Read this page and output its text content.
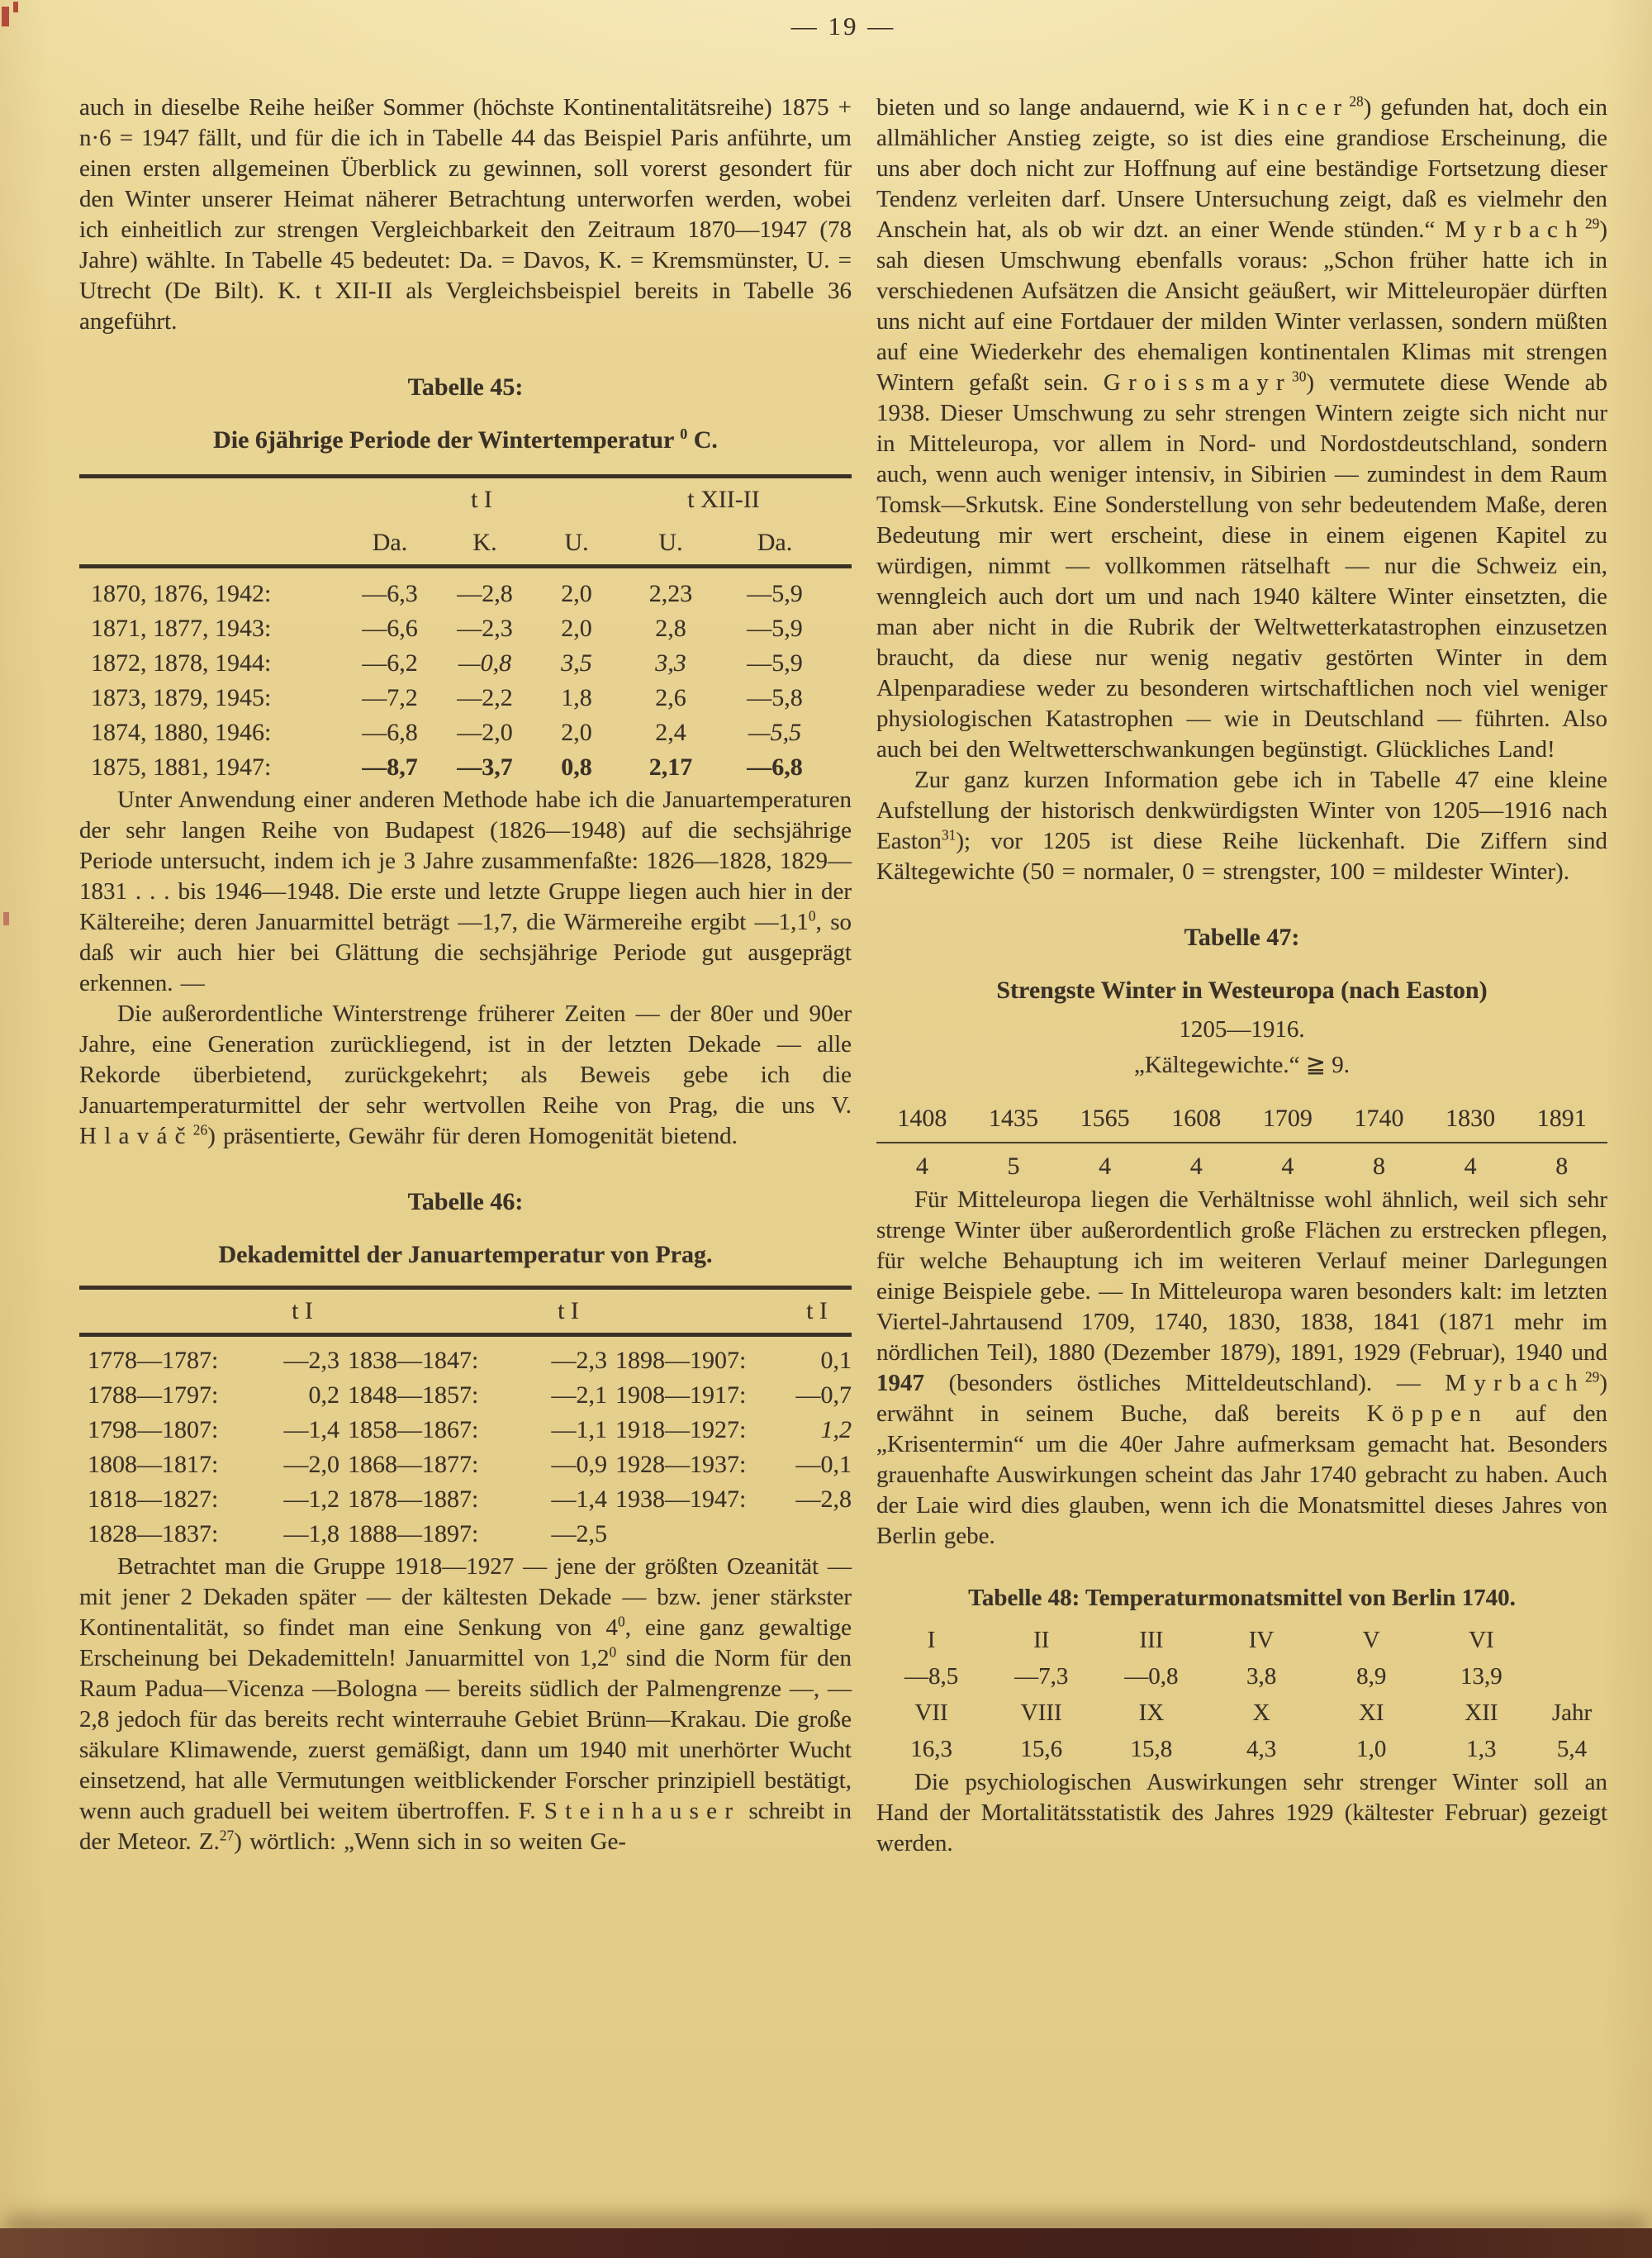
— 19 —

auch in dieselbe Reihe heißer Sommer (höchste Kontinentalitätsreihe) 1875 + n·6 = 1947 fällt, und für die ich in Tabelle 44 das Beispiel Paris anführte, um einen ersten allgemeinen Überblick zu gewinnen, soll vorerst gesondert für den Winter unserer Heimat näherer Betrachtung unterworfen werden, wobei ich einheitlich zur strengen Vergleichbarkeit den Zeitraum 1870—1947 (78 Jahre) wählte. In Tabelle 45 bedeutet: Da. = Davos, K. = Kremsmünster, U. = Utrecht (De Bilt). K. t XII-II als Vergleichsbeispiel bereits in Tabelle 36 angeführt.

Tabelle 45:
Die 6jährige Periode der Wintertemperatur $^0$ C.
t I	t XII-II
Da.	K.	U.	U.	Da.
1870, 1876, 1942:	—6,3	—2,8	2,0	2,23	—5,9
1871, 1877, 1943:	—6,6	—2,3	2,0	2,8	—5,9
1872, 1878, 1944:	—6,2	—0,8	3,5	3,3	—5,9
1873, 1879, 1945:	—7,2	—2,2	1,8	2,6	—5,8
1874, 1880, 1946:	—6,8	—2,0	2,0	2,4	—5,5
1875, 1881, 1947:	—8,7	—3,7	0,8	2,17	—6,8

Unter Anwendung einer anderen Methode habe ich die Januartemperaturen der sehr langen Reihe von Budapest (1826—1948) auf die sechsjährige Periode untersucht, indem ich je 3 Jahre zusammenfaßte: 1826—1828, 1829—1831 . . . bis 1946—1948. Die erste und letzte Gruppe liegen auch hier in der Kältereihe; deren Januarmittel beträgt —1,7, die Wärmereihe ergibt $—1,1^0$, so daß wir auch hier bei Glättung die sechsjährige Periode gut ausgeprägt erkennen. —

Die außerordentliche Winterstrenge früherer Zeiten — der 80er und 90er Jahre, eine Generation zurückliegend, ist in der letzten Dekade — alle Rekorde überbietend, zurückgekehrt; als Beweis gebe ich die Januartemperaturmittel der sehr wertvollen Reihe von Prag, die uns V. Hlaváč$^{26}$) präsentierte, Gewähr für deren Homogenität bietend.

Tabelle 46:
Dekademittel der Januartemperatur von Prag.
t I	t I	t I
1778—1787:	—2,3 1838—1847:	—2,3 1898—1907:	0,1
1788—1797:	0,2 1848—1857:	—2,1 1908—1917:	—0,7
1798—1807:	—1,4 1858—1867:	—1,1 1918—1927:	1,2
1808—1817:	—2,0 1868—1877:	—0,9 1928—1937:	—0,1
1818—1827:	—1,2 1878—1887:	—1,4 1938—1947:	—2,8
1828—1837:	—1,8 1888—1897:	—2,5

Betrachtet man die Gruppe 1918—1927 — jene der größten Ozeanität — mit jener 2 Dekaden später — der kältesten Dekade — bzw. jener stärkster Kontinentalität, so findet man eine Senkung von $4^0$, eine ganz gewaltige Erscheinung bei Dekademitteln! Januarmittel von $1,2^0$ sind die Norm für den Raum Padua—Vicenza —Bologna — bereits südlich der Palmengrenze —, —2,8 jedoch für das bereits recht winterrauhe Gebiet Brünn—Krakau. Die große säkulare Klimawende, zuerst gemäßigt, dann um 1940 mit unerhörter Wucht einsetzend, hat alle Vermutungen weitblickender Forscher prinzipiell bestätigt, wenn auch graduell bei weitem übertroffen. F. Steinhauser schreibt in der Meteor. Z.$^{27}$) wörtlich: „Wenn sich in so weiten Ge-

bieten und so lange andauernd, wie Kincer$^{28}$) gefunden hat, doch ein allmählicher Anstieg zeigte, so ist dies eine grandiose Erscheinung, die uns aber doch nicht zur Hoffnung auf eine beständige Fortsetzung dieser Tendenz verleiten darf. Unsere Untersuchung zeigt, daß es vielmehr den Anschein hat, als ob wir dzt. an einer Wende stünden.“ Myrbach$^{29}$) sah diesen Umschwung ebenfalls voraus: „Schon früher hatte ich in verschiedenen Aufsätzen die Ansicht geäußert, wir Mitteleuropäer dürften uns nicht auf eine Fortdauer der milden Winter verlassen, sondern müßten auf eine Wiederkehr des ehemaligen kontinentalen Klimas mit strengen Wintern gefaßt sein. Groissmayr$^{30}$) vermutete diese Wende ab 1938. Dieser Umschwung zu sehr strengen Wintern zeigte sich nicht nur in Mitteleuropa, vor allem in Nord- und Nordostdeutschland, sondern auch, wenn auch weniger intensiv, in Sibirien — zumindest in dem Raum Tomsk—Srkutsk. Eine Sonderstellung von sehr bedeutendem Maße, deren Bedeutung mir wert erscheint, diese in einem eigenen Kapitel zu würdigen, nimmt — vollkommen rätselhaft — nur die Schweiz ein, wenngleich auch dort um und nach 1940 kältere Winter einsetzten, die man aber nicht in die Rubrik der Weltwetterkatastrophen einzusetzen braucht, da diese nur wenig negativ gestörten Winter in dem Alpenparadiese weder zu besonderen wirtschaftlichen noch viel weniger physiologischen Katastrophen — wie in Deutschland — führten. Also auch bei den Weltwetterschwankungen begünstigt. Glückliches Land!

Zur ganz kurzen Information gebe ich in Tabelle 47 eine kleine Aufstellung der historisch denkwürdigsten Winter von 1205—1916 nach Easton$^{31}$); vor 1205 ist diese Reihe lückenhaft. Die Ziffern sind Kältegewichte (50 = normaler, 0 = strengster, 100 = mildester Winter).

Tabelle 47:
Strengste Winter in Westeuropa (nach Easton)
1205—1916.
„Kältegewichte.“ ≧ 9.
1408	1435	1565	1608	1709	1740	1830	1891
4	5	4	4	4	8	4	8

Für Mitteleuropa liegen die Verhältnisse wohl ähnlich, weil sich sehr strenge Winter über außerordentlich große Flächen zu erstrecken pflegen, für welche Behauptung ich im weiteren Verlauf meiner Darlegungen einige Beispiele gebe. — In Mitteleuropa waren besonders kalt: im letzten Viertel-Jahrtausend 1709, 1740, 1830, 1838, 1841 (1871 mehr im nördlichen Teil), 1880 (Dezember 1879), 1891, 1929 (Februar), 1940 und 1947 (besonders östliches Mitteldeutschland). — Myrbach$^{29}$) erwähnt in seinem Buche, daß bereits Köppen auf den „Krisentermin“ um die 40er Jahre aufmerksam gemacht hat. Besonders grauenhafte Auswirkungen scheint das Jahr 1740 gebracht zu haben. Auch der Laie wird dies glauben, wenn ich die Monatsmittel dieses Jahres von Berlin gebe.

Tabelle 48: Temperaturmonatsmittel von Berlin 1740.
I	II	III	IV	V	VI
—8,5	—7,3	—0,8	3,8	8,9	13,9
VII	VIII	IX	X	XI	XII	Jahr
16,3	15,6	15,8	4,3	1,0	1,3	5,4

Die psychiologischen Auswirkungen sehr strenger Winter soll an Hand der Mortalitätsstatistik des Jahres 1929 (kältester Februar) gezeigt werden.
